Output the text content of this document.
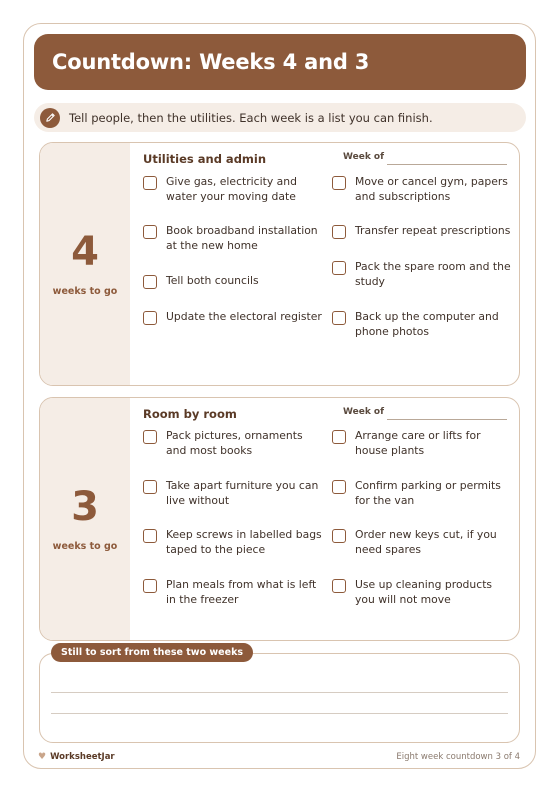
Countdown: Weeks 4 and 3
Tell people, then the utilities. Each week is a list you can finish.
4
weeks to go
Utilities and admin	Week of
Give gas, electricity and water your moving date
Book broadband installation at the new home
Tell both councils
Update the electoral register
Move or cancel gym, papers and subscriptions
Transfer repeat prescriptions
Pack the spare room and the study
Back up the computer and phone photos
3
weeks to go
Room by room	Week of
Pack pictures, ornaments and most books
Take apart furniture you can live without
Keep screws in labelled bags taped to the piece
Plan meals from what is left in the freezer
Arrange care or lifts for house plants
Confirm parking or permits for the van
Order new keys cut, if you need spares
Use up cleaning products you will not move
Still to sort from these two weeks
♥ WorksheetJar	Eight week countdown 3 of 4
